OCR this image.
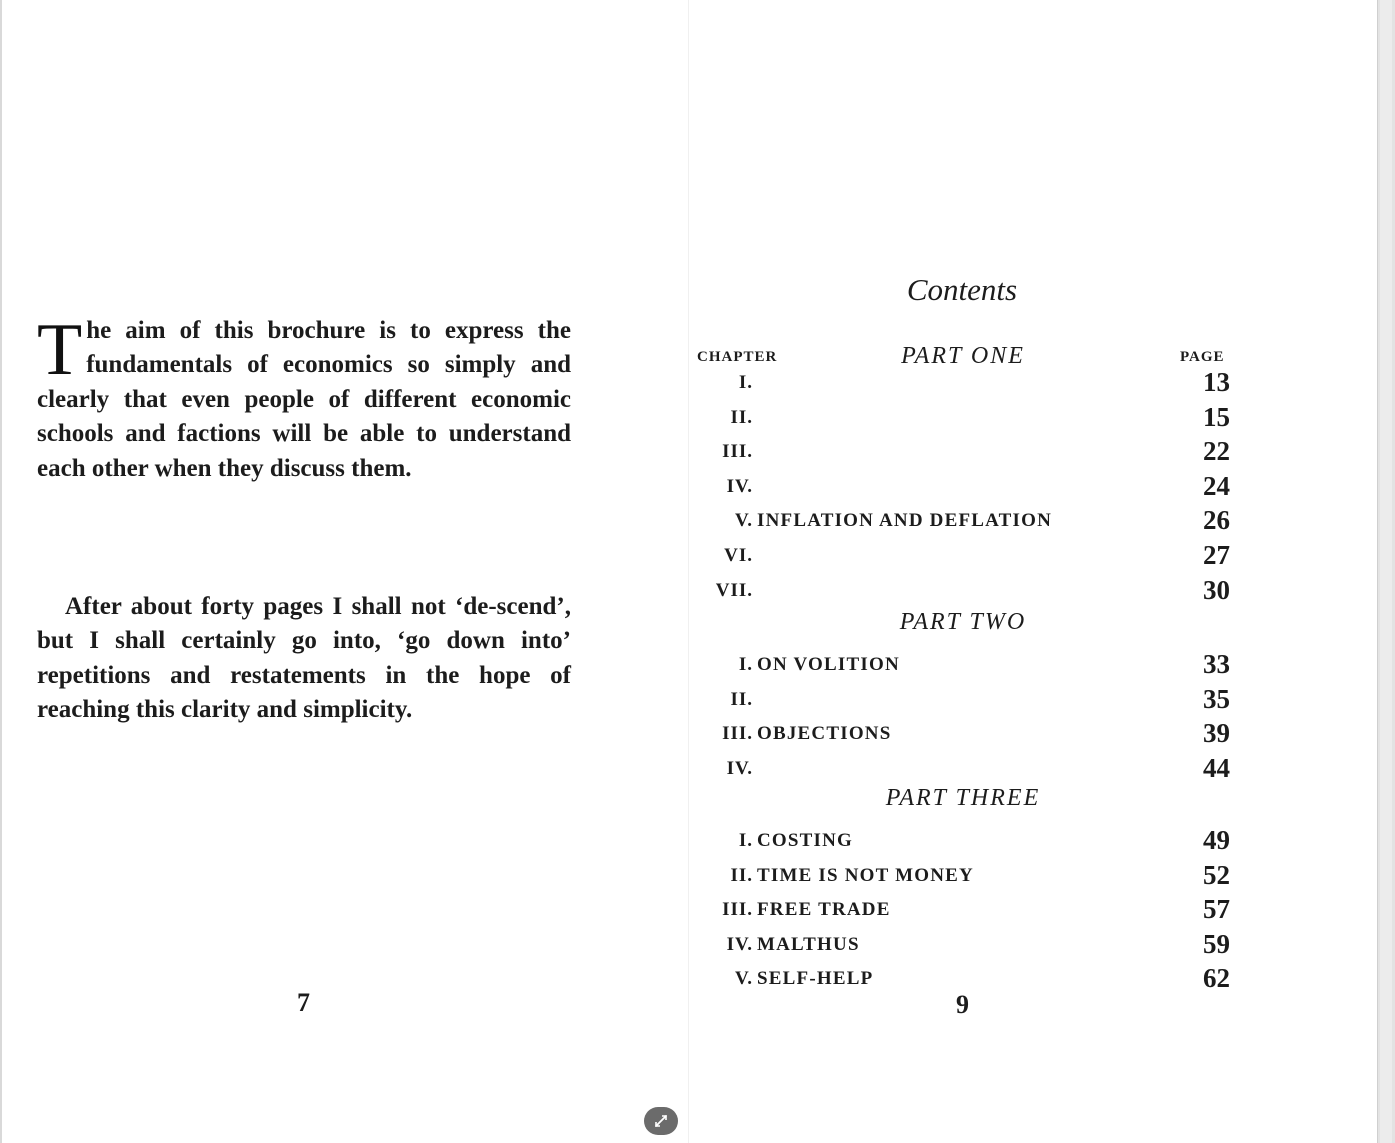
The aim of this brochure is to express the fundamentals of economics so simply and clearly that even people of different economic schools and factions will be able to understand each other when they discuss them.
After about forty pages I shall not ‘de-scend’, but I shall certainly go into, ‘go down into’ repetitions and restatements in the hope of reaching this clarity and simplicity.
7
Contents
CHAPTER	PAGE
PART ONE
I.	13
II.	15
III.	22
IV.	24
V. INFLATION AND DEFLATION	26
VI.	27
VII.	30
PART TWO
I. ON VOLITION	33
II.	35
III. OBJECTIONS	39
IV.	44
PART THREE
I. COSTING	49
II. TIME IS NOT MONEY	52
III. FREE TRADE	57
IV. MALTHUS	59
V. SELF-HELP	62
9
